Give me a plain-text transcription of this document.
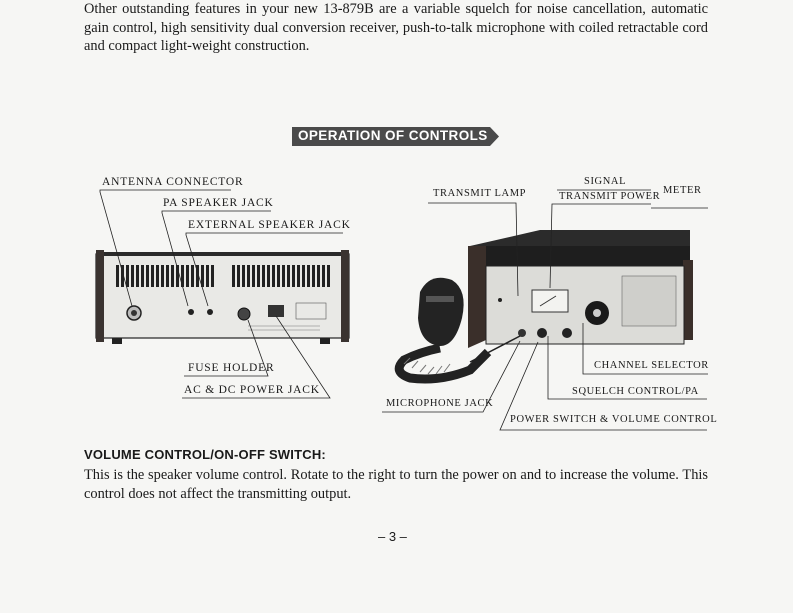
Other outstanding features in your new 13-879B are a variable squelch for noise cancellation, automatic gain control, high sensitivity dual conversion receiver, push-to-talk microphone with coiled retractable cord and compact light-weight construction.
OPERATION OF CONTROLS
ANTENNA CONNECTOR
PA SPEAKER JACK
EXTERNAL SPEAKER JACK
FUSE HOLDER
AC & DC POWER JACK
TRANSMIT LAMP
SIGNAL
TRANSMIT POWER
METER
CHANNEL SELECTOR
SQUELCH CONTROL/PA
MICROPHONE JACK
POWER SWITCH & VOLUME CONTROL
VOLUME CONTROL/ON-OFF SWITCH:
This is the speaker volume control. Rotate to the right to turn the power on and to increase the volume. This control does not affect the transmitting output.
– 3 –
